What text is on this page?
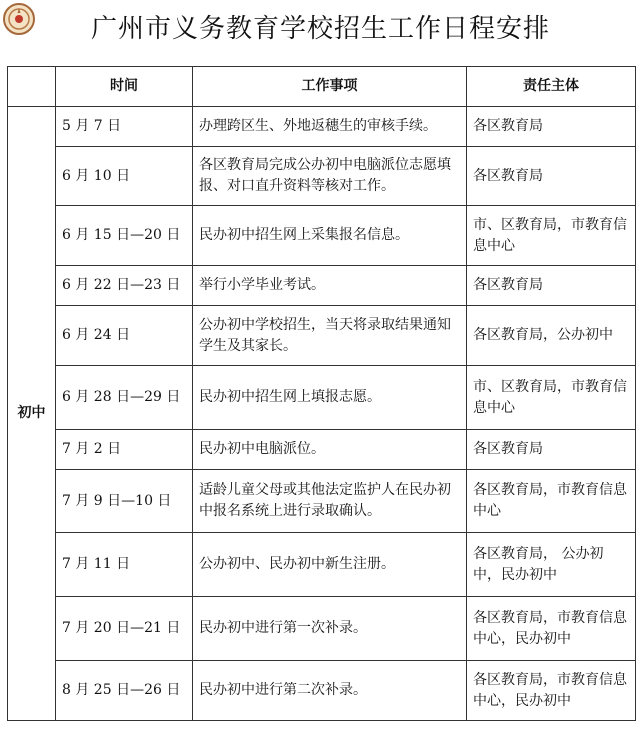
广州市义务教育学校招生工作日程安排
	时间	工作事项	责任主体
初中	5 月 7 日	办理跨区生、外地返穗生的审核手续。	各区教育局
	6 月 10 日	各区教育局完成公办初中电脑派位志愿填报、对口直升资料等核对工作。	各区教育局
	6 月 15 日—20 日	民办初中招生网上采集报名信息。	市、区教育局，市教育信息中心
	6 月 22 日—23 日	举行小学毕业考试。	各区教育局
	6 月 24 日	公办初中学校招生，当天将录取结果通知学生及其家长。	各区教育局，公办初中
	6 月 28 日—29 日	民办初中招生网上填报志愿。	市、区教育局，市教育信息中心
	7 月 2 日	民办初中电脑派位。	各区教育局
	7 月 9 日—10 日	适龄儿童父母或其他法定监护人在民办初中报名系统上进行录取确认。	各区教育局，市教育信息中心
	7 月 11 日	公办初中、民办初中新生注册。	各区教育局， 公办初中，民办初中
	7 月 20 日—21 日	民办初中进行第一次补录。	各区教育局，市教育信息中心，民办初中
	8 月 25 日—26 日	民办初中进行第二次补录。	各区教育局，市教育信息中心，民办初中
